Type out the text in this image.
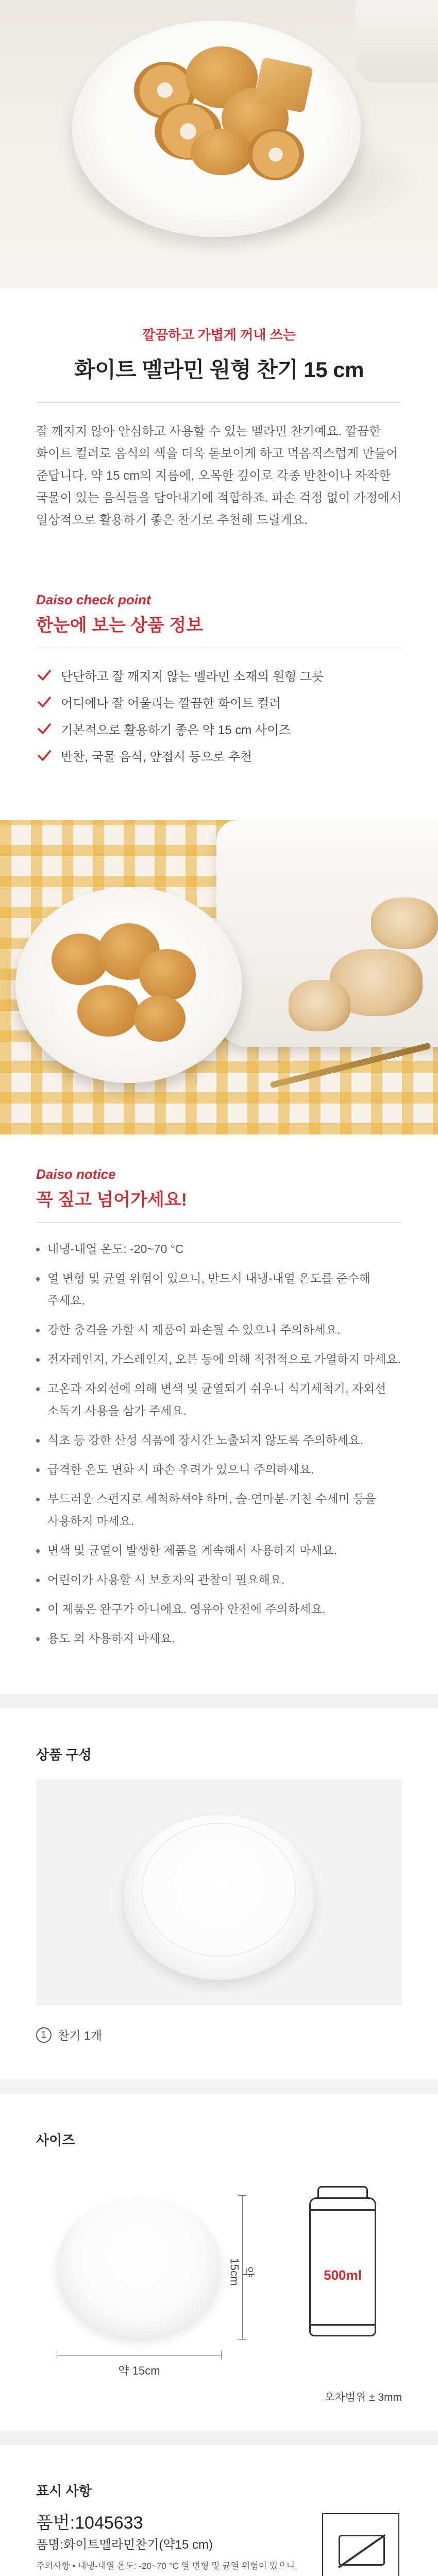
깔끔하고 가볍게 꺼내 쓰는
화이트 멜라민 원형 찬기 15 cm
잘 깨지지 않아 안심하고 사용할 수 있는 멜라민 찬기예요. 깔끔한 화이트 컬러로 음식의 색을 더욱 돋보이게 하고 먹음직스럽게 만들어 준답니다. 약 15 cm의 지름에, 오목한 깊이로 각종 반찬이나 자작한 국물이 있는 음식들을 담아내기에 적합하죠. 파손 걱정 없이 가정에서 일상적으로 활용하기 좋은 찬기로 추천해 드릴게요.
Daiso check point
한눈에 보는 상품 정보
단단하고 잘 깨지지 않는 멜라민 소재의 원형 그릇
어디에나 잘 어울리는 깔끔한 화이트 컬러
기본적으로 활용하기 좋은 약 15 cm 사이즈
반찬, 국물 음식, 앞접시 등으로 추천
Daiso notice
꼭 짚고 넘어가세요!
내냉-내열 온도: -20~70 °C
열 변형 및 균열 위험이 있으니, 반드시 내냉-내열 온도를 준수해 주세요.
강한 충격을 가할 시 제품이 파손될 수 있으니 주의하세요.
전자레인지, 가스레인지, 오븐 등에 의해 직접적으로 가열하지 마세요.
고온과 자외선에 의해 변색 및 균열되기 쉬우니 식기세척기, 자외선 소독기 사용을 삼가 주세요.
식초 등 강한 산성 식품에 장시간 노출되지 않도록 주의하세요.
급격한 온도 변화 시 파손 우려가 있으니 주의하세요.
부드러운 스펀지로 세척하셔야 하며, 솔·연마분·거친 수세미 등을 사용하지 마세요.
변색 및 균열이 발생한 제품을 계속해서 사용하지 마세요.
어린이가 사용할 시 보호자의 관찰이 필요해요.
이 제품은 완구가 아니에요. 영유아 안전에 주의하세요.
용도 외 사용하지 마세요.
상품 구성
1 찬기 1개
사이즈
약 15cm
약 15cm	500ml
오차범위 ± 3mm
표시 사항
품번:1045633
품명:화이트멜라민찬기(약15 cm)
주의사항 • 내냉-내열 온도: -20~70 °C 열 변형 및 균열 위험이 있으니,
